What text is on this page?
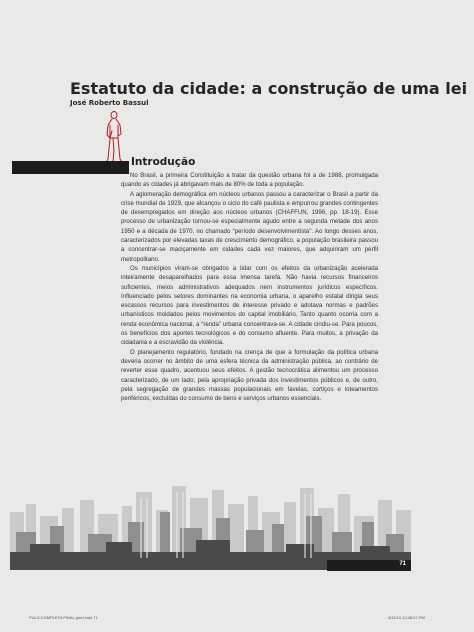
Estatuto da cidade: a construção de uma lei
José Roberto Bassul
Introdução

No Brasil, a primeira Constituição a tratar da questão urbana foi a de 1988, promulgada quando as cidades já abrigavam mais de 80% de toda a população.

A aglomeração demográfica em núcleos urbanos passou a caracterizar o Brasil a partir da crise mundial de 1929, que alcançou o ciclo do café paulista e empurrou grandes contingentes de desempregados em direção aos núcleos urbanos (CHAFFUN, 1996, pp. 18-19). Esse processo de urbanização tornou-se especialmente agudo entre a segunda metade dos anos 1950 e a década de 1970, no chamado “período desenvolvimentista”. Ao longo desses anos, caracterizados por elevadas taxas de crescimento demográfico, a população brasileira passou a concentrar-se maciçamente em cidades cada vez maiores, que adquiriram um perfil metropolitano.

Os municípios viram-se obrigados a lidar com os efeitos da urbanização acelerada inteiramente desaparelhados para essa imensa tarefa. Não havia recursos financeiros suficientes, meios administrativos adequados nem instrumentos jurídicos específicos. Influenciado pelos setores dominantes na economia urbana, o aparelho estatal dirigia seus escassos recursos para investimentos de interesse privado e adotava normas e padrões urbanísticos moldados pelos movimentos do capital imobiliário. Tanto quanto ocorria com a renda econômica nacional, a “renda” urbana concentrava-se. A cidade cindiu-se. Para poucos, os benefícios dos aportes tecnológicos e do consumo afluente. Para muitos, a privação da cidadania e a escravidão da violência.

O planejamento regulatório, fundado na crença de que a formulação da política urbana deveria ocorrer no âmbito de uma esfera técnica da administração pública, ao contrário de reverter esse quadro, acentuou seus efeitos. A gestão tecnocrática alimentou um processo caracterizado, de um lado, pela apropriação privada dos investimentos públicos e, de outro, pela segregação de grandes massas populacionais em favelas, cortiços e loteamentos periféricos, excluídas do consumo de bens e serviços urbanos essenciais.

71
PULICCOMPLETA FINAL.pmd.indd 71	3/11/10 12:48:27 PM
